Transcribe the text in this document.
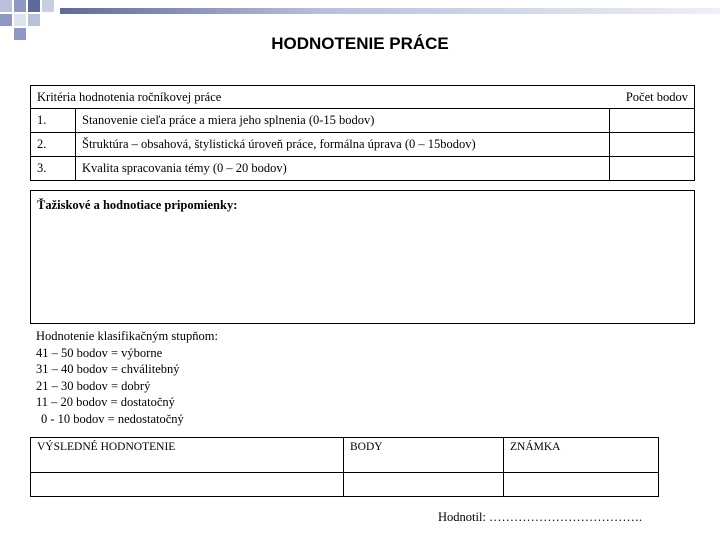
HODNOTENIE PRÁCE
Kritéria hodnotenia ročníkovej práce		Počet bodov
1.	Stanovenie cieľa práce a miera jeho splnenia (0-15 bodov)	
2.	Štruktúra – obsahová, štylistická úroveň práce, formálna úprava (0 – 15bodov)	
3.	Kvalita spracovania témy (0 – 20 bodov)	
Ťažiskové a hodnotiace pripomienky:
Hodnotenie klasifikačným stupňom:
41 – 50 bodov = výborne
31 – 40 bodov = chválitebný
21 – 30 bodov = dobrý
11 – 20 bodov = dostatočný
0 - 10 bodov = nedostatočný
VÝSLEDNÉ HODNOTENIE	BODY	ZNÁMKA

Hodnotil: ……………………………….
